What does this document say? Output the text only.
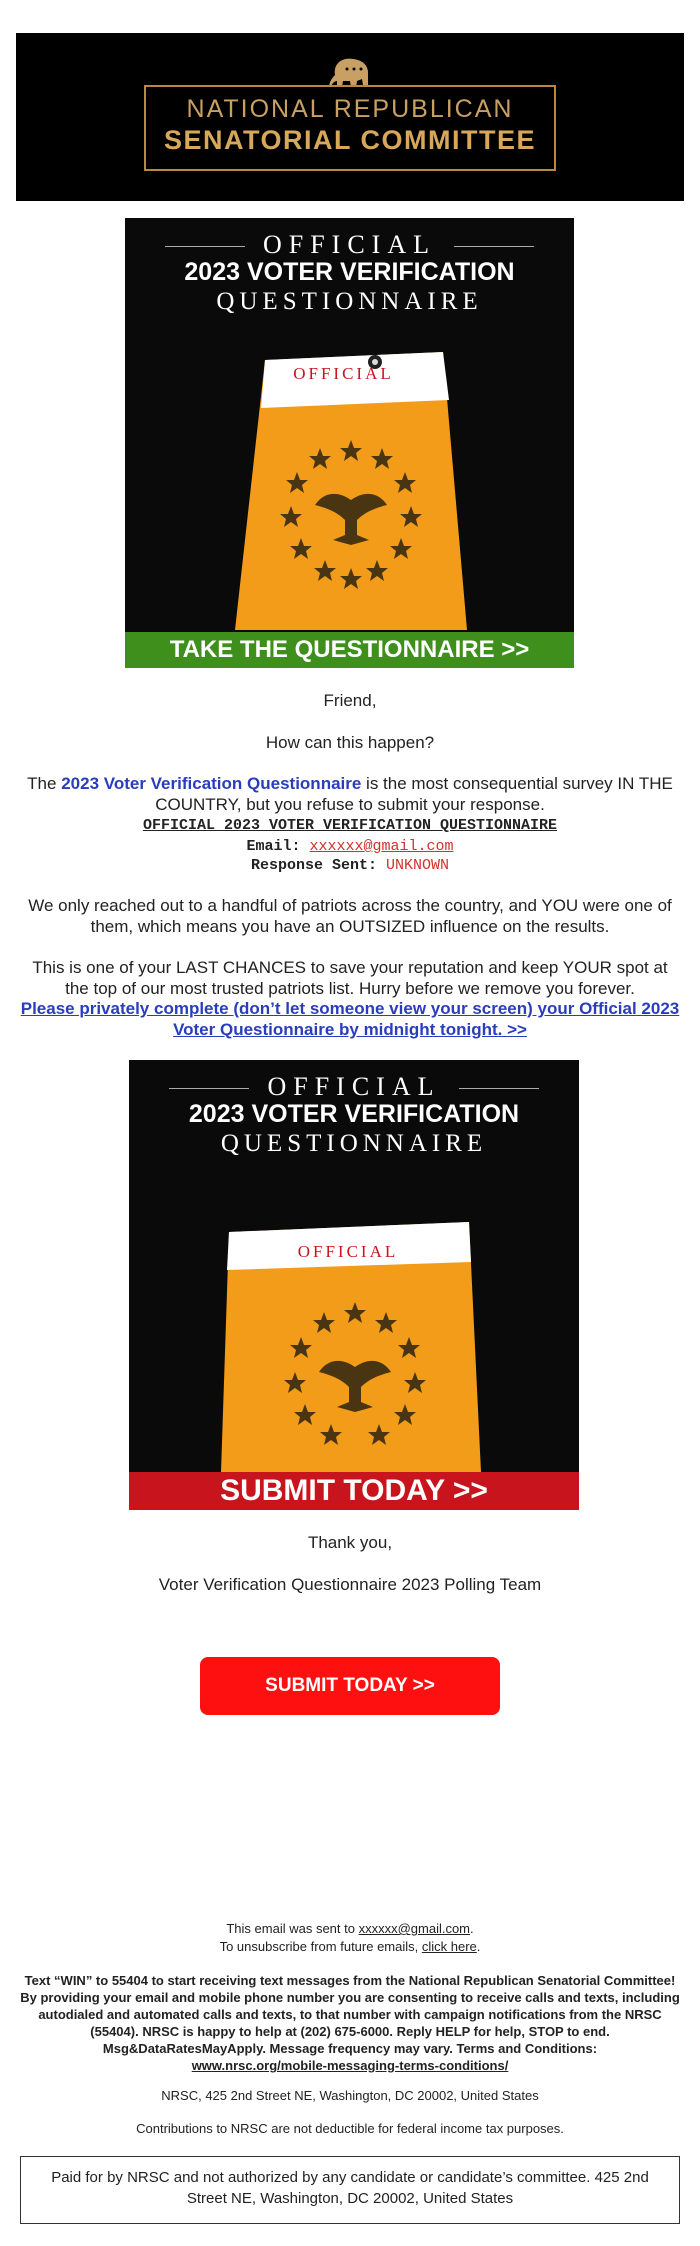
NATIONAL REPUBLICAN
SENATORIAL COMMITTEE
OFFICIAL
2023 VOTER VERIFICATION
QUESTIONNAIRE
OFFICIAL
TAKE THE QUESTIONNAIRE >>
Friend,
How can this happen?
The 2023 Voter Verification Questionnaire is the most consequential survey IN THE COUNTRY, but you refuse to submit your response.
OFFICIAL 2023 VOTER VERIFICATION QUESTIONNAIRE
Email: xxxxxx@gmail.com
Response Sent: UNKNOWN
We only reached out to a handful of patriots across the country, and YOU were one of them, which means you have an OUTSIZED influence on the results.
This is one of your LAST CHANCES to save your reputation and keep YOUR spot at the top of our most trusted patriots list. Hurry before we remove you forever.
Please privately complete (don’t let someone view your screen) your Official 2023 Voter Questionnaire by midnight tonight. >>
OFFICIAL
2023 VOTER VERIFICATION
QUESTIONNAIRE
OFFICIAL
SUBMIT TODAY >>
Thank you,
Voter Verification Questionnaire 2023 Polling Team
SUBMIT TODAY >>
This email was sent to xxxxxx@gmail.com.
To unsubscribe from future emails, click here.
Text “WIN” to 55404 to start receiving text messages from the National Republican Senatorial Committee! By providing your email and mobile phone number you are consenting to receive calls and texts, including autodialed and automated calls and texts, to that number with campaign notifications from the NRSC (55404). NRSC is happy to help at (202) 675-6000. Reply HELP for help, STOP to end. Msg&DataRatesMayApply. Message frequency may vary. Terms and Conditions:
www.nrsc.org/mobile-messaging-terms-conditions/
NRSC, 425 2nd Street NE, Washington, DC 20002, United States
Contributions to NRSC are not deductible for federal income tax purposes.
Paid for by NRSC and not authorized by any candidate or candidate’s committee. 425 2nd Street NE, Washington, DC 20002, United States
